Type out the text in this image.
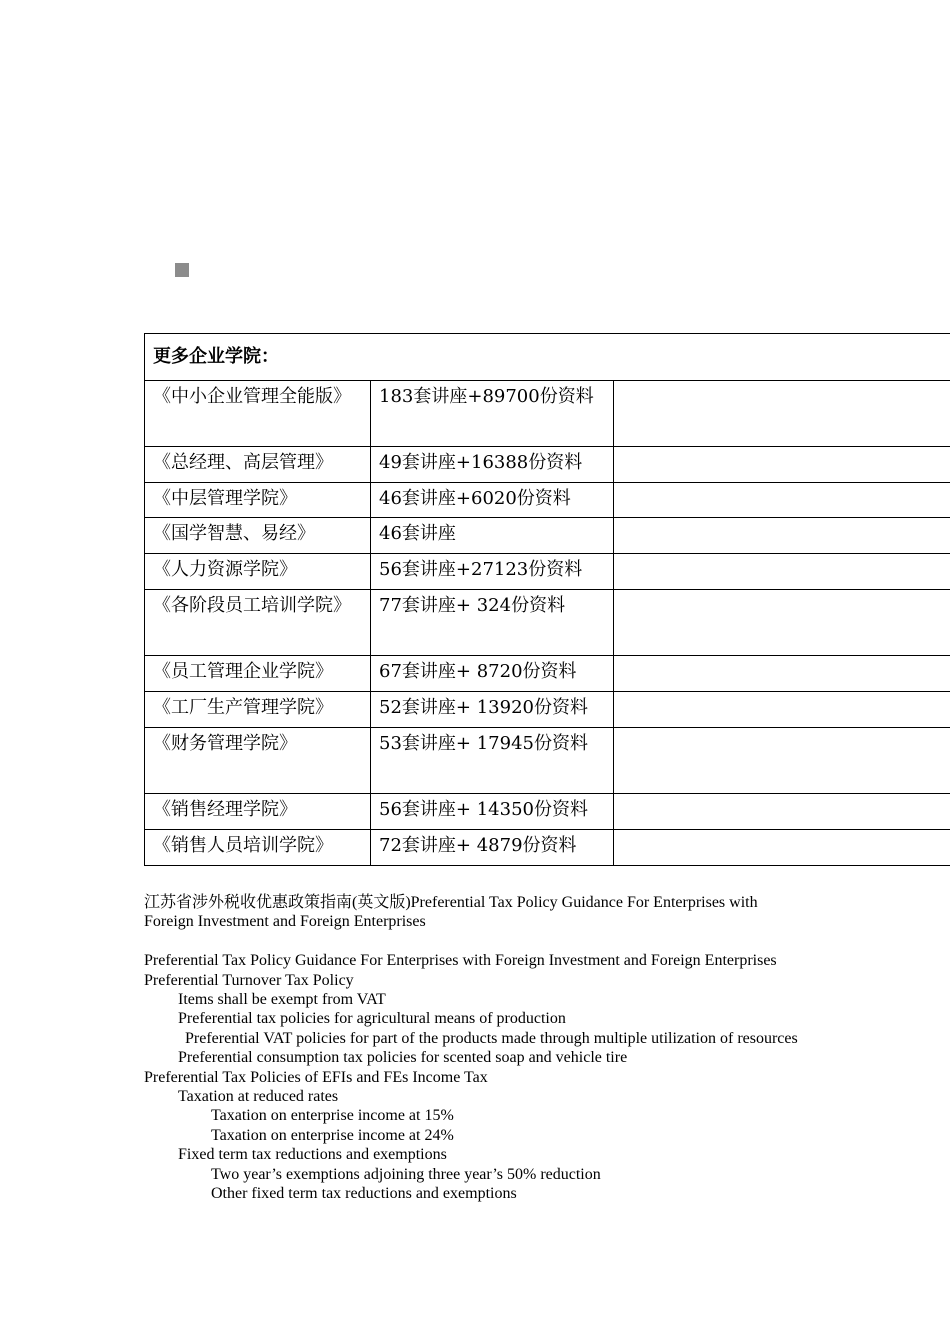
更多企业学院：		
《中小企业管理全能版》	183套讲座+89700份资料	
《总经理、高层管理》	49套讲座+16388份资料	
《中层管理学院》	46套讲座+6020份资料	
《国学智慧、易经》	46套讲座	
《人力资源学院》	56套讲座+27123份资料	
《各阶段员工培训学院》	77套讲座+ 324份资料	
《员工管理企业学院》	67套讲座+ 8720份资料	
《工厂生产管理学院》	52套讲座+ 13920份资料	
《财务管理学院》	53套讲座+ 17945份资料	
《销售经理学院》	56套讲座+ 14350份资料	
《销售人员培训学院》	72套讲座+ 4879份资料	

江苏省涉外税收优惠政策指南(英文版)Preferential Tax Policy Guidance For Enterprises with Foreign Investment and Foreign Enterprises

Preferential Tax Policy Guidance For Enterprises with Foreign Investment and Foreign Enterprises

Preferential Turnover Tax Policy

Items shall be exempt from VAT

Preferential tax policies for agricultural means of production

Preferential VAT policies for part of the products made through multiple utilization of resources

Preferential consumption tax policies for scented soap and vehicle tire

Preferential Tax Policies of EFIs and FEs Income Tax

Taxation at reduced rates

Taxation on enterprise income at 15%

Taxation on enterprise income at 24%

Fixed term tax reductions and exemptions

Two year’s exemptions adjoining three year’s 50% reduction

Other fixed term tax reductions and exemptions
